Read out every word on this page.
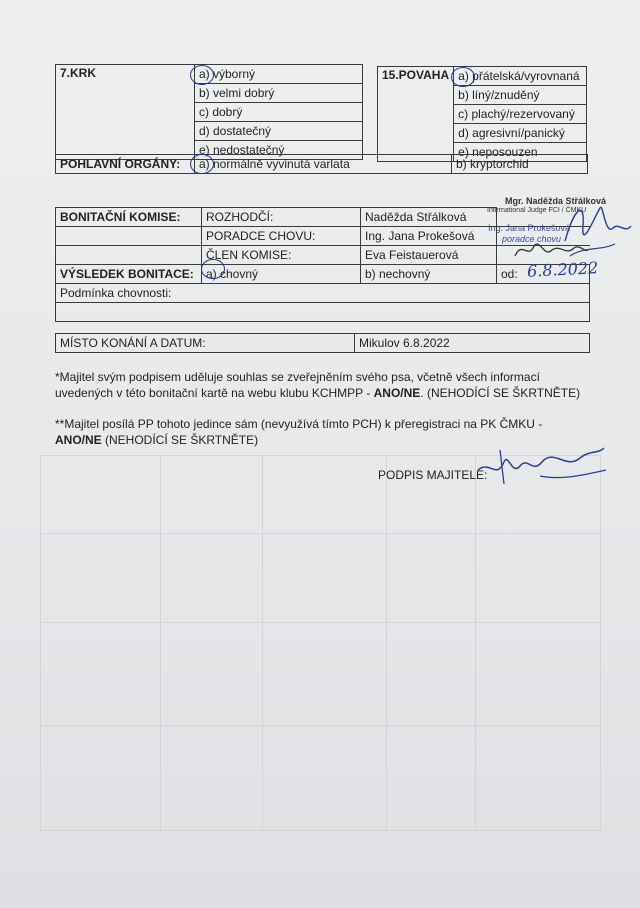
7.KRK	a) výborný
b) velmi dobrý
c) dobrý
d) dostatečný
e) nedostatečný
15.POVAHA	a) přátelská/vyrovnaná
b) líný/znuděný
c) plachý/rezervovaný
d) agresivní/panický
e) neposouzen
POHLAVNÍ ORGÁNY:	a) normálně vyvinutá varlata	b) kryptorchid
Mgr. Naděžda Střálková
International Judge FCI / ČMKU
Ing. Jana Prokešová
poradce chovu
BONITAČNÍ KOMISE:	ROZHODČÍ:	Naděžda Střálková	
	PORADCE CHOVU:	Ing. Jana Prokešová	
	ČLEN KOMISE:	Eva Feistauerová	
VÝSLEDEK BONITACE:	a) chovný	b) nechovný	od:
Podmínka chovnosti:			

6.8.2022
MÍSTO KONÁNÍ A DATUM:	Mikulov 6.8.2022
*Majitel svým podpisem uděluje souhlas se zveřejněním svého psa, včetně všech informací uvedených v této bonitační kartě na webu klubu KCHMPP - ANO/NE. (NEHODÍCÍ SE ŠKRTNĚTE)
**Majitel posílá PP tohoto jedince sám (nevyužívá tímto PCH) k přeregistraci na PK ČMKU - ANO/NE (NEHODÍCÍ SE ŠKRTNĚTE)
PODPIS MAJITELE:
